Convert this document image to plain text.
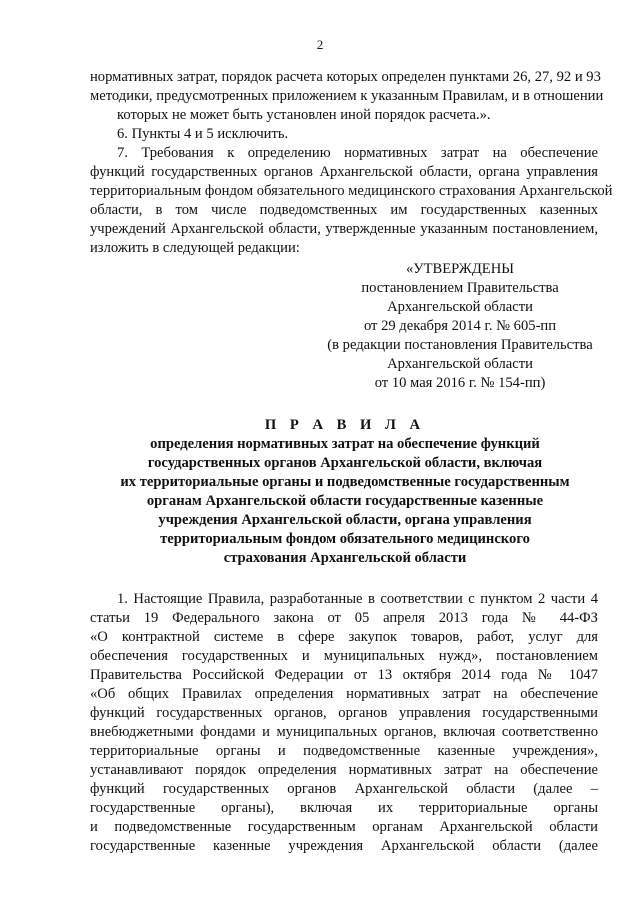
2

нормативных затрат, порядок расчета которых определен пунктами 26, 27, 92 и 93

методики, предусмотренных приложением к указанным Правилам, и в отношении

которых не может быть установлен иной порядок расчета.».

6. Пункты 4 и 5 исключить.

7. Требования к определению нормативных затрат на обеспечение

функций государственных органов Архангельской области, органа управления

территориальным фондом обязательного медицинского страхования Архангельской

области, в том числе подведомственных им государственных казенных

учреждений Архангельской области, утвержденные указанным постановлением,

изложить в следующей редакции:

«УТВЕРЖДЕНЫ

постановлением Правительства

Архангельской области

от 29 декабря 2014 г. № 605-пп

(в редакции постановления Правительства

Архангельской области

от 10 мая 2016 г. № 154-пп)

П Р А В И Л А

определения нормативных затрат на обеспечение функций

государственных органов Архангельской области, включая

их территориальные органы и подведомственные государственным

органам Архангельской области государственные казенные

учреждения Архангельской области, органа управления

территориальным фондом обязательного медицинского

страхования Архангельской области

1. Настоящие Правила, разработанные в соответствии с пунктом 2 части 4

статьи 19 Федерального закона от 05 апреля 2013 года № 44-ФЗ

«О контрактной системе в сфере закупок товаров, работ, услуг для

обеспечения государственных и муниципальных нужд», постановлением

Правительства Российской Федерации от 13 октября 2014 года № 1047

«Об общих Правилах определения нормативных затрат на обеспечение

функций государственных органов, органов управления государственными

внебюджетными фондами и муниципальных органов, включая соответственно

территориальные органы и подведомственные казенные учреждения»,

устанавливают порядок определения нормативных затрат на обеспечение

функций государственных органов Архангельской области (далее –

государственные органы), включая их территориальные органы

и подведомственные государственным органам Архангельской области

государственные казенные учреждения Архангельской области (далее
